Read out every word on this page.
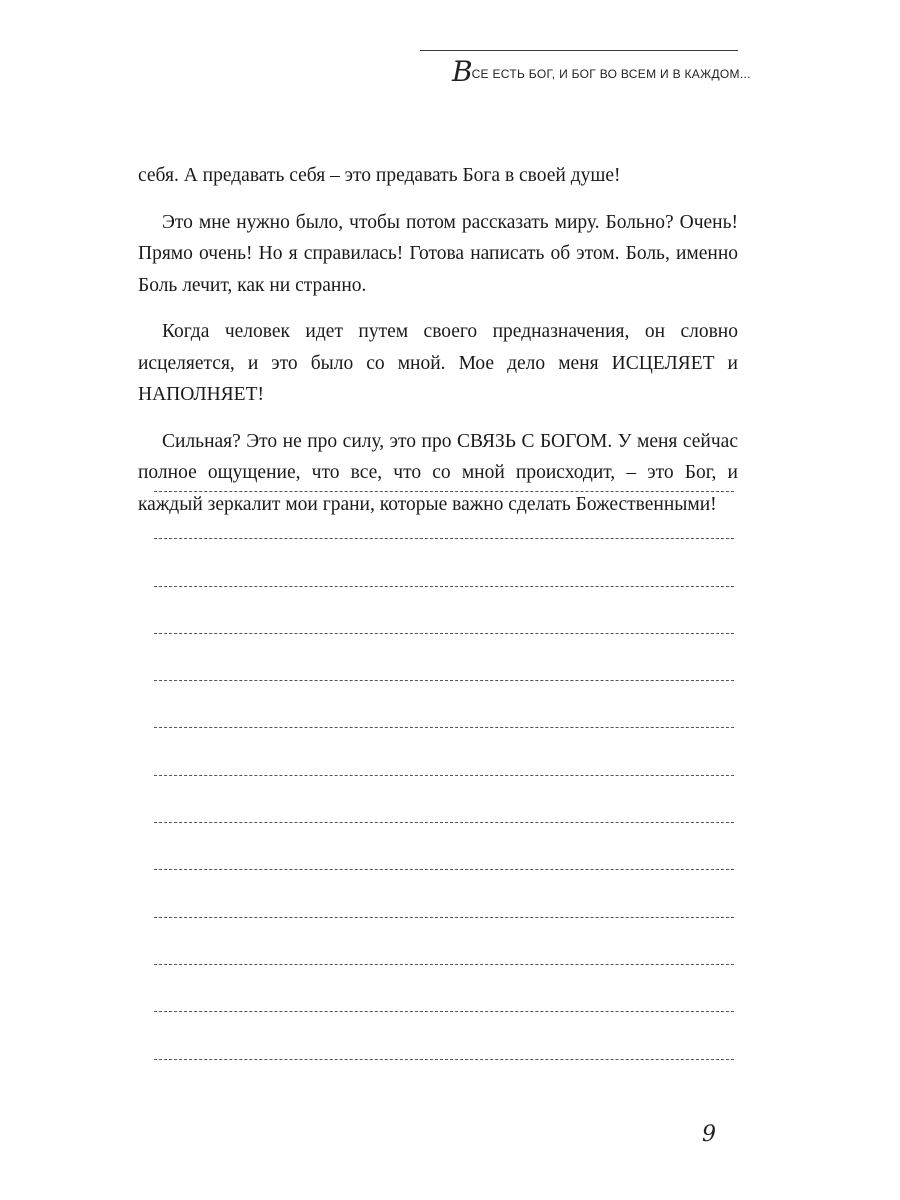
В СЕ ЕСТЬ БОГ, И БОГ ВО ВСЕМ И В КАЖДОМ...

себя. А предавать себя – это предавать Бога в своей душе!

Это мне нужно было, чтобы потом рассказать миру. Больно? Очень! Прямо очень! Но я справилась! Готова написать об этом. Боль, именно Боль лечит, как ни странно.

Когда человек идет путем своего предназначения, он словно исцеляется, и это было со мной. Мое дело меня ИСЦЕЛЯЕТ и НАПОЛНЯЕТ!

Сильная? Это не про силу, это про СВЯЗЬ С БОГОМ. У меня сейчас полное ощущение, что все, что со мной происходит, – это Бог, и каждый зеркалит мои грани, которые важно сделать Божественными!

9
